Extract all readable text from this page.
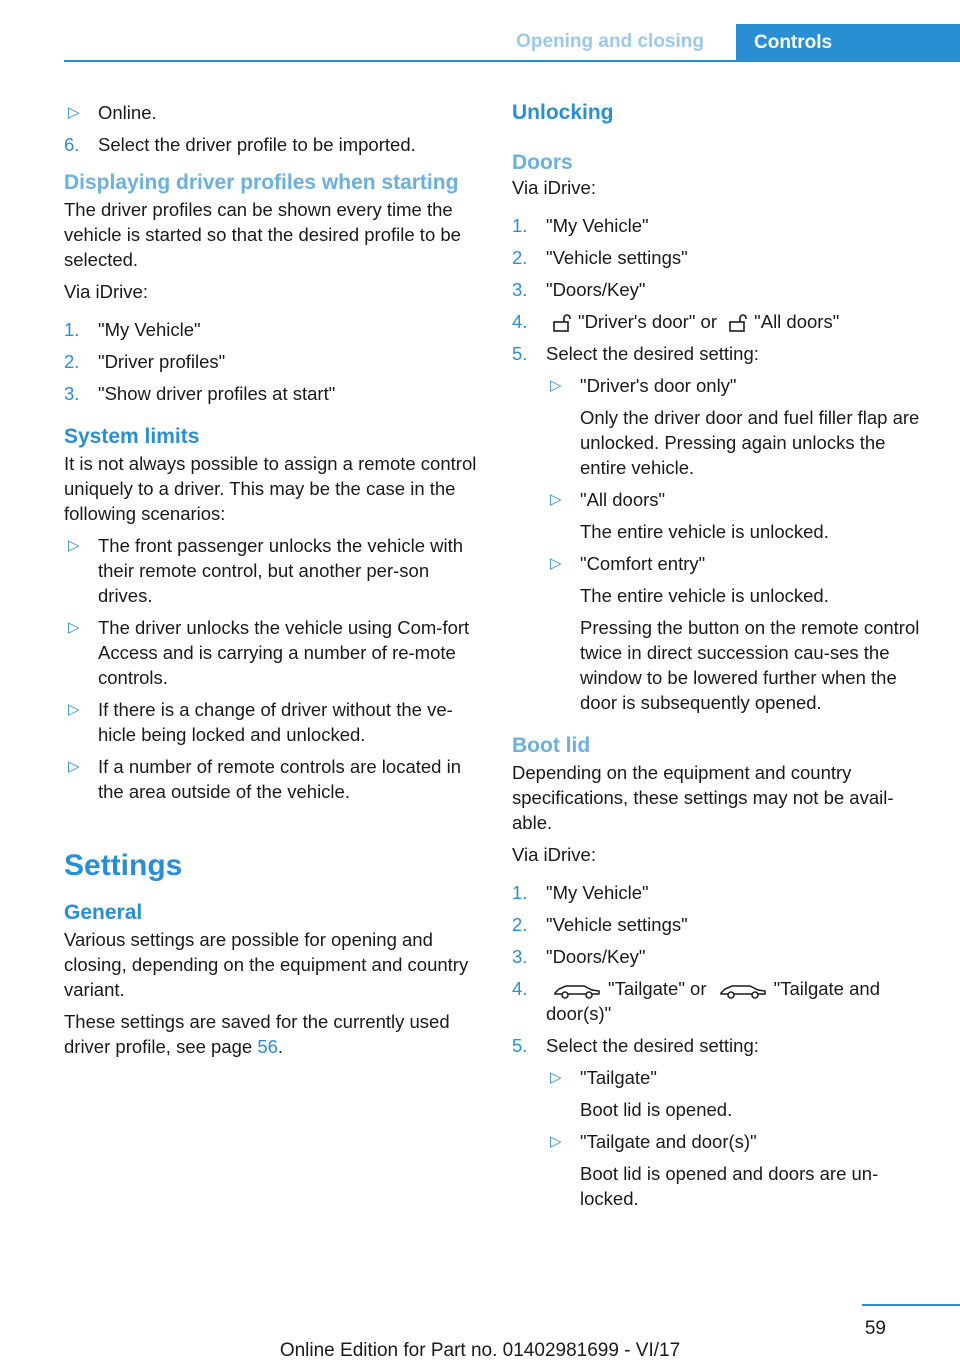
Opening and closing	Controls
▷ Online.
6. Select the driver profile to be imported.
Displaying driver profiles when starting

The driver profiles can be shown every time the vehicle is started so that the desired profile to be selected.

Via iDrive:

1. "My Vehicle"
2. "Driver profiles"
3. "Show driver profiles at start"
System limits

It is not always possible to assign a remote control uniquely to a driver. This may be the case in the following scenarios:

▷ The front passenger unlocks the vehicle with their remote control, but another per-son drives.
▷ The driver unlocks the vehicle using Com-fort Access and is carrying a number of re-mote controls.
▷ If there is a change of driver without the ve-hicle being locked and unlocked.
▷ If a number of remote controls are located in the area outside of the vehicle.
Settings
General

Various settings are possible for opening and closing, depending on the equipment and country variant.

These settings are saved for the currently used driver profile, see page 56.

Unlocking
Doors

Via iDrive:

1. "My Vehicle"
2. "Vehicle settings"
3. "Doors/Key"
4.	"Driver's door" or "All doors"
5. Select the desired setting:
▷ "Driver's door only"

Only the driver door and fuel filler flap are unlocked. Pressing again unlocks the entire vehicle.

▷ "All doors"

The entire vehicle is unlocked.

▷ "Comfort entry"

The entire vehicle is unlocked.

Pressing the button on the remote control twice in direct succession cau-ses the window to be lowered further when the door is subsequently opened.

Boot lid

Depending on the equipment and country specifications, these settings may not be avail-able.

Via iDrive:

1. "My Vehicle"
2. "Vehicle settings"
3. "Doors/Key"
4.	"Tailgate" or	"Tailgate and door(s)"
5. Select the desired setting:
▷ "Tailgate"

Boot lid is opened.

▷ "Tailgate and door(s)"

Boot lid is opened and doors are un-locked.

59
Online Edition for Part no. 01402981699 - VI/17
